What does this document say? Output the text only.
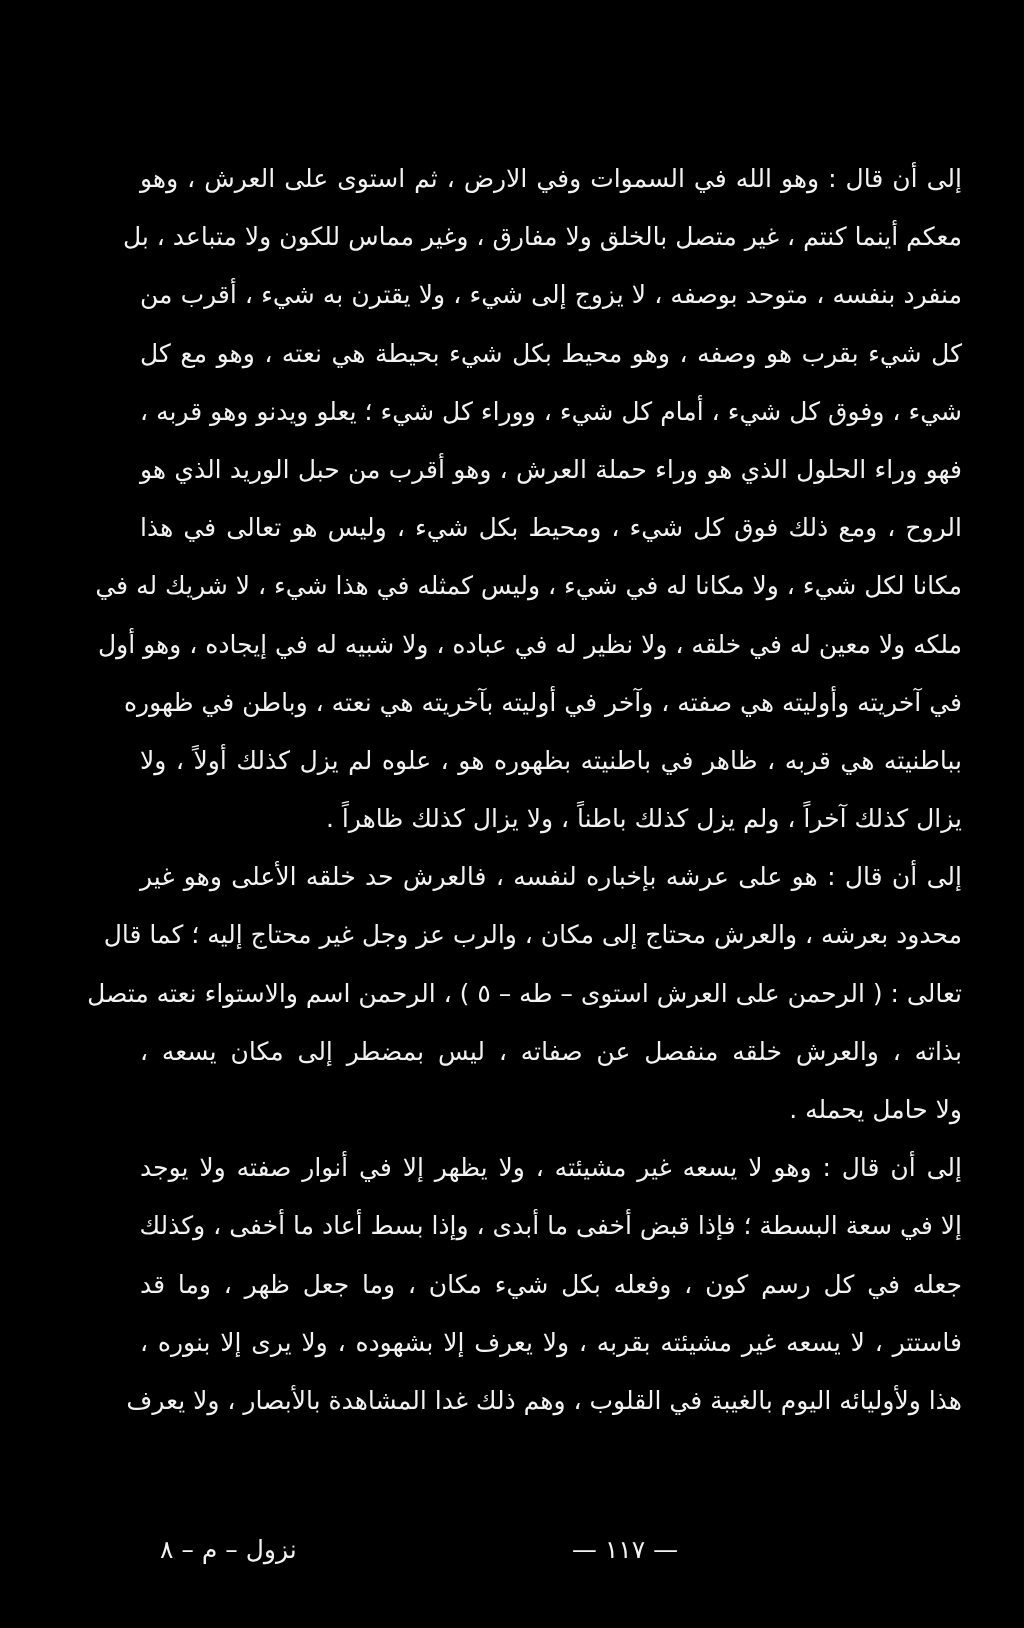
إلى أن قال : وهو الله في السموات وفي الارض ، ثم استوى على العرش ، وهو
معكم أينما كنتم ، غير متصل بالخلق ولا مفارق ، وغير مماس للكون ولا متباعد ، بل
منفرد بنفسه ، متوحد بوصفه ، لا يزوج إلى شيء ، ولا يقترن به شيء ، أقرب من
كل شيء بقرب هو وصفه ، وهو محيط بكل شيء بحيطة هي نعته ، وهو مع كل
شيء ، وفوق كل شيء ، أمام كل شيء ، ووراء كل شيء ؛ يعلو ويدنو وهو قربه ،
فهو وراء الحلول الذي هو وراء حملة العرش ، وهو أقرب من حبل الوريد الذي هو
الروح ، ومع ذلك فوق كل شيء ، ومحيط بكل شيء ، وليس هو تعالى في هذا
مكانا لكل شيء ، ولا مكانا له في شيء ، وليس كمثله في هذا شيء ، لا شريك له في
ملكه ولا معين له في خلقه ، ولا نظير له في عباده ، ولا شبيه له في إيجاده ، وهو أول
في آخريته وأوليته هي صفته ، وآخر في أوليته بآخريته هي نعته ، وباطن في ظهوره
بباطنيته هي قربه ، ظاهر في باطنيته بظهوره هو ، علوه لم يزل كذلك أولاً ، ولا
يزال كذلك آخراً ، ولم يزل كذلك باطناً ، ولا يزال كذلك ظاهراً .
إلى أن قال : هو على عرشه بإخباره لنفسه ، فالعرش حد خلقه الأعلى وهو غير
محدود بعرشه ، والعرش محتاج إلى مكان ، والرب عز وجل غير محتاج إليه ؛ كما قال
تعالى : ( الرحمن على العرش استوى – طه – ٥ ) ، الرحمن اسم والاستواء نعته متصل
بذاته ، والعرش خلقه منفصل عن صفاته ، ليس بمضطر إلى مكان يسعه ،
ولا حامل يحمله .
إلى أن قال : وهو لا يسعه غير مشيئته ، ولا يظهر إلا في أنوار صفته ولا يوجد
إلا في سعة البسطة ؛ فإذا قبض أخفى ما أبدى ، وإذا بسط أعاد ما أخفى ، وكذلك
جعله في كل رسم كون ، وفعله بكل شيء مكان ، وما جعل ظهر ، وما قد
فاستتر ، لا يسعه غير مشيئته بقربه ، ولا يعرف إلا بشهوده ، ولا يرى إلا بنوره ،
هذا ولأوليائه اليوم بالغيبة في القلوب ، وهم ذلك غدا المشاهدة بالأبصار ، ولا يعرف
— ١١٧ —
نزول – م – ٨
